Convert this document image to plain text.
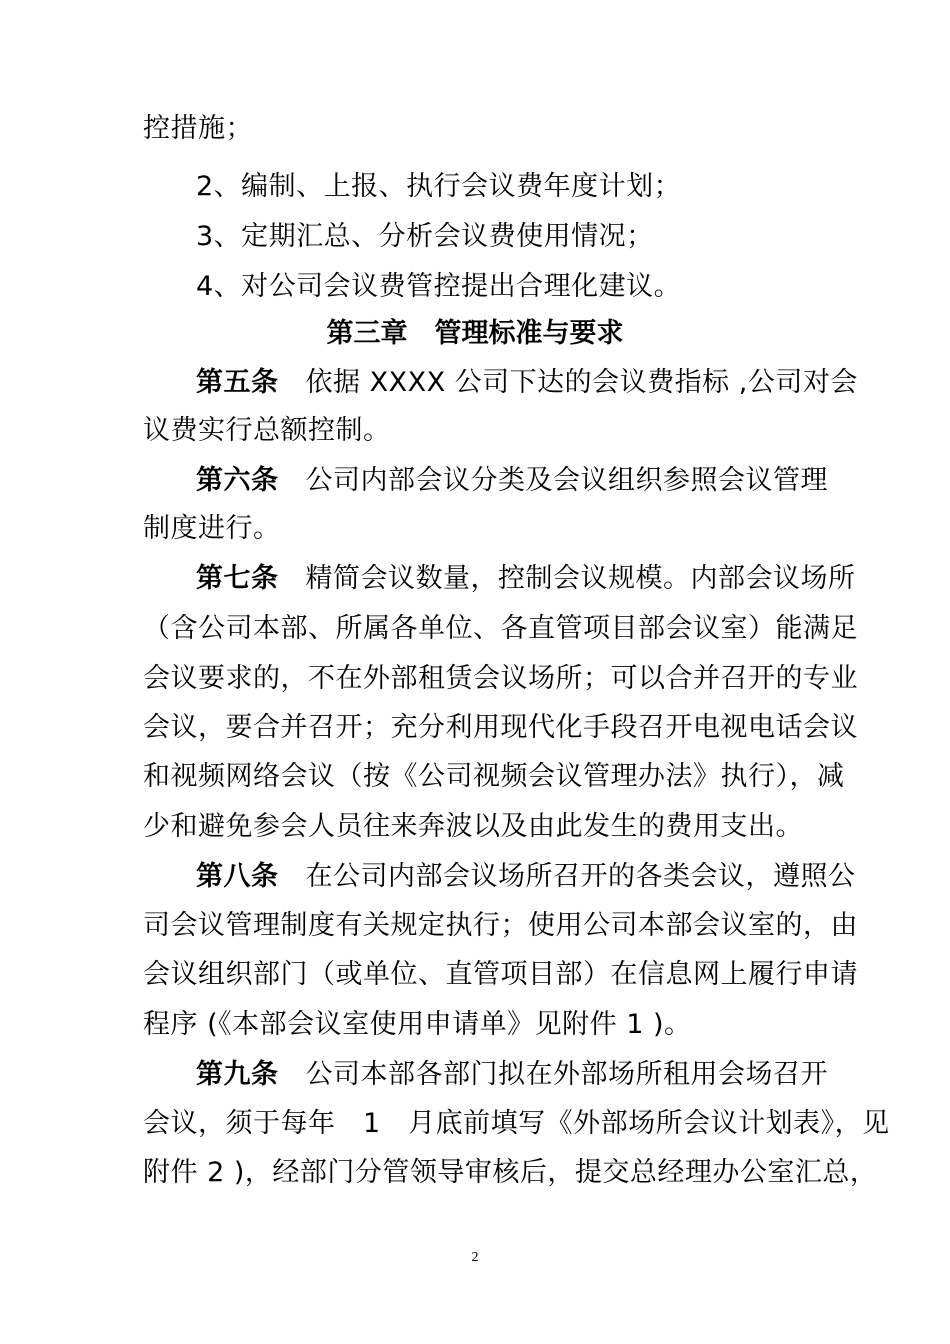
控措施；
2、编制、上报、执行会议费年度计划；
3、定期汇总、分析会议费使用情况；
4、对公司会议费管控提出合理化建议。
第三章　管理标准与要求
第五条 依据 XXXX 公司下达的会议费指标 ,公司对会
议费实行总额控制。
第六条 公司内部会议分类及会议组织参照会议管理
制度进行。
第七条 精简会议数量，控制会议规模。内部会议场所
（含公司本部、所属各单位、各直管项目部会议室）能满足
会议要求的，不在外部租赁会议场所；可以合并召开的专业
会议，要合并召开；充分利用现代化手段召开电视电话会议
和视频网络会议（按《公司视频会议管理办法》执行），减
少和避免参会人员往来奔波以及由此发生的费用支出。
第八条 在公司内部会议场所召开的各类会议，遵照公
司会议管理制度有关规定执行；使用公司本部会议室的，由
会议组织部门（或单位、直管项目部）在信息网上履行申请
程序 (《本部会议室使用申请单》见附件 1 )。
第九条 公司本部各部门拟在外部场所租用会场召开
会议，须于每年　1　月底前填写《外部场所会议计划表》，见
附件 2 )，经部门分管领导审核后，提交总经理办公室汇总，
2
